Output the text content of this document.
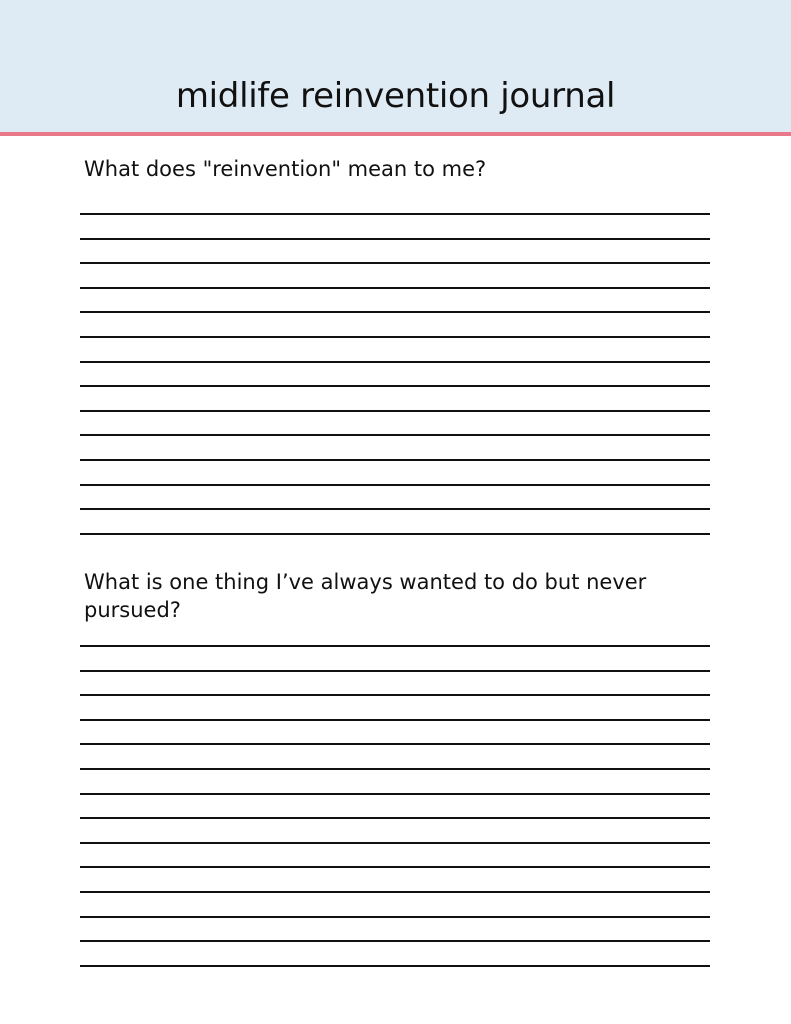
midlife reinvention journal

What does "reinvention" mean to me?

What is one thing I’ve always wanted to do but never pursued?
